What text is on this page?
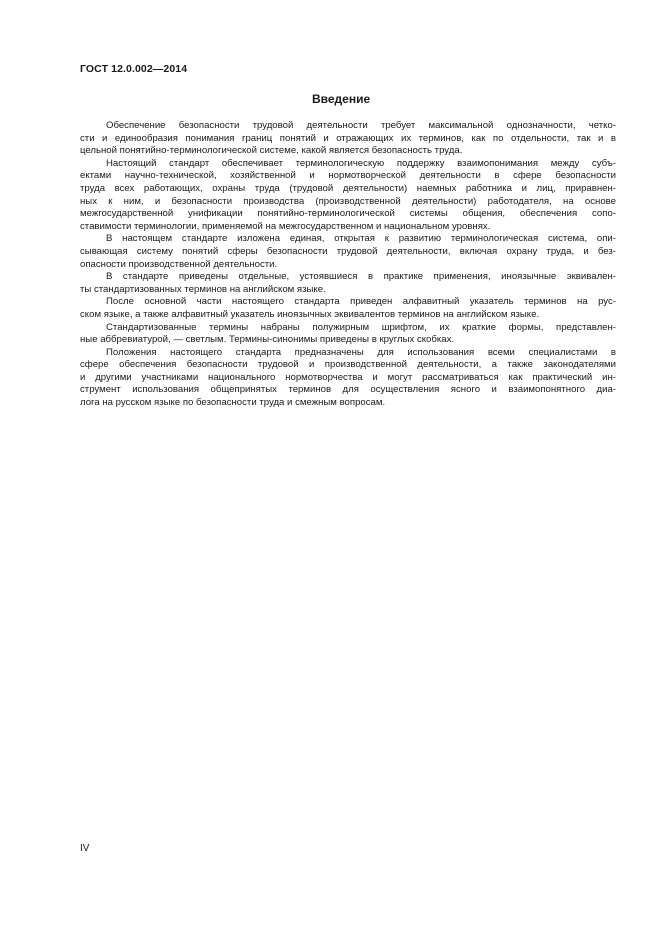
ГОСТ 12.0.002—2014
Введение

Обеспечение безопасности трудовой деятельности требует максимальной однозначности, четко-
сти и единообразия понимания границ понятий и отражающих их терминов, как по отдельности, так и в
цельной понятийно-терминологической системе, какой является безопасность труда.

Настоящий стандарт обеспечивает терминологическую поддержку взаимопонимания между субъ-
ектами научно-технической, хозяйственной и нормотворческой деятельности в сфере безопасности
труда всех работающих, охраны труда (трудовой деятельности) наемных работника и лиц, приравнен-
ных к ним, и безопасности производства (производственной деятельности) работодателя, на основе
межгосударственной унификации понятийно-терминологической системы общения, обеспечения сопо-
ставимости терминологии, применяемой на межгосударственном и национальном уровнях.

В настоящем стандарте изложена единая, открытая к развитию терминологическая система, опи-
сывающая систему понятий сферы безопасности трудовой деятельности, включая охрану труда, и без-
опасности производственной деятельности.

В стандарте приведены отдельные, устоявшиеся в практике применения, иноязычные эквивален-
ты стандартизованных терминов на английском языке.

После основной части настоящего стандарта приведен алфавитный указатель терминов на рус-
ском языке, а также алфавитный указатель иноязычных эквивалентов терминов на английском языке.

Стандартизованные термины набраны полужирным шрифтом, их краткие формы, представлен-
ные аббревиатурой, — светлым. Термины-синонимы приведены в круглых скобках.

Положения настоящего стандарта предназначены для использования всеми специалистами в
сфере обеспечения безопасности трудовой и производственной деятельности, а также законодателями
и другими участниками национального нормотворчества и могут рассматриваться как практический ин-
струмент использования общепринятых терминов для осуществления ясного и взаимопонятного диа-
лога на русском языке по безопасности труда и смежным вопросам.

IV
